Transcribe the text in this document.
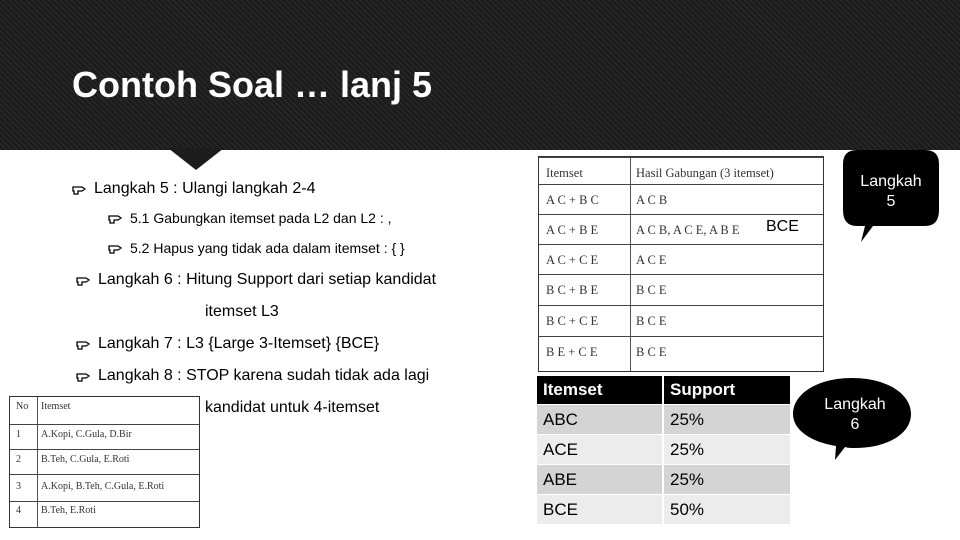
Contoh Soal … lanj 5
Langkah 5 : Ulangi langkah 2-4
5.1 Gabungkan itemset pada L2 dan L2 : ,
5.2 Hapus yang tidak ada dalam itemset : { }
Langkah 6 : Hitung Support dari setiap kandidat
itemset L3
Langkah 7 : L3 {Large 3-Itemset} {BCE}
Langkah 8 : STOP karena sudah tidak ada lagi
kandidat untuk 4-itemset
Itemset	Hasil Gabungan (3 itemset)
A C + B C	A C B
A C + B E	A C B, A C E, A B E
A C + C E	A C E
B C + B E	B C E
B C + C E	B C E
B E + C E	B C E
BCE
No Itemset
1 A.Kopi, C.Gula, D.Bir
2 B.Teh, C.Gula, E.Roti
3 A.Kopi, B.Teh, C.Gula, E.Roti
4 B.Teh, E.Roti
Itemset	Support
ABC	25%
ACE	25%
ABE	25%
BCE	50%
Langkah
5
Langkah
6
